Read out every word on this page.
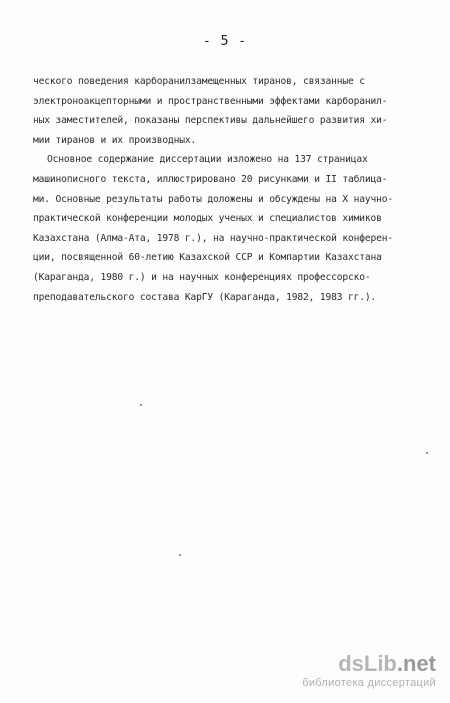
- 5 -
ческого поведения карборанилзамещенных тиранов, связанные с
электроноакцепторными и пространственными эффектами карборанил-
ных заместителей, показаны перспективы дальнейшего развития хи-
мии тиранов и их производных.
Основное содержание диссертации изложено на 137 страницах
машинописного текста, иллюстрировано 20 рисунками и II таблица-
ми. Основные результаты работы доложены и обсуждены на X научно-
практической конференции молодых ученых и специалистов химиков
Казахстана (Алма-Ата, 1978 г.), на научно-практической конферен-
ции, посвященной 60-летию Казахской ССР и Компартии Казахстана
(Караганда, 1980 г.) и на научных конференциях профессорско-
преподавательского состава КарГУ (Караганда, 1982, 1983 гг.).
dsLib.net
библиотека диссертаций
